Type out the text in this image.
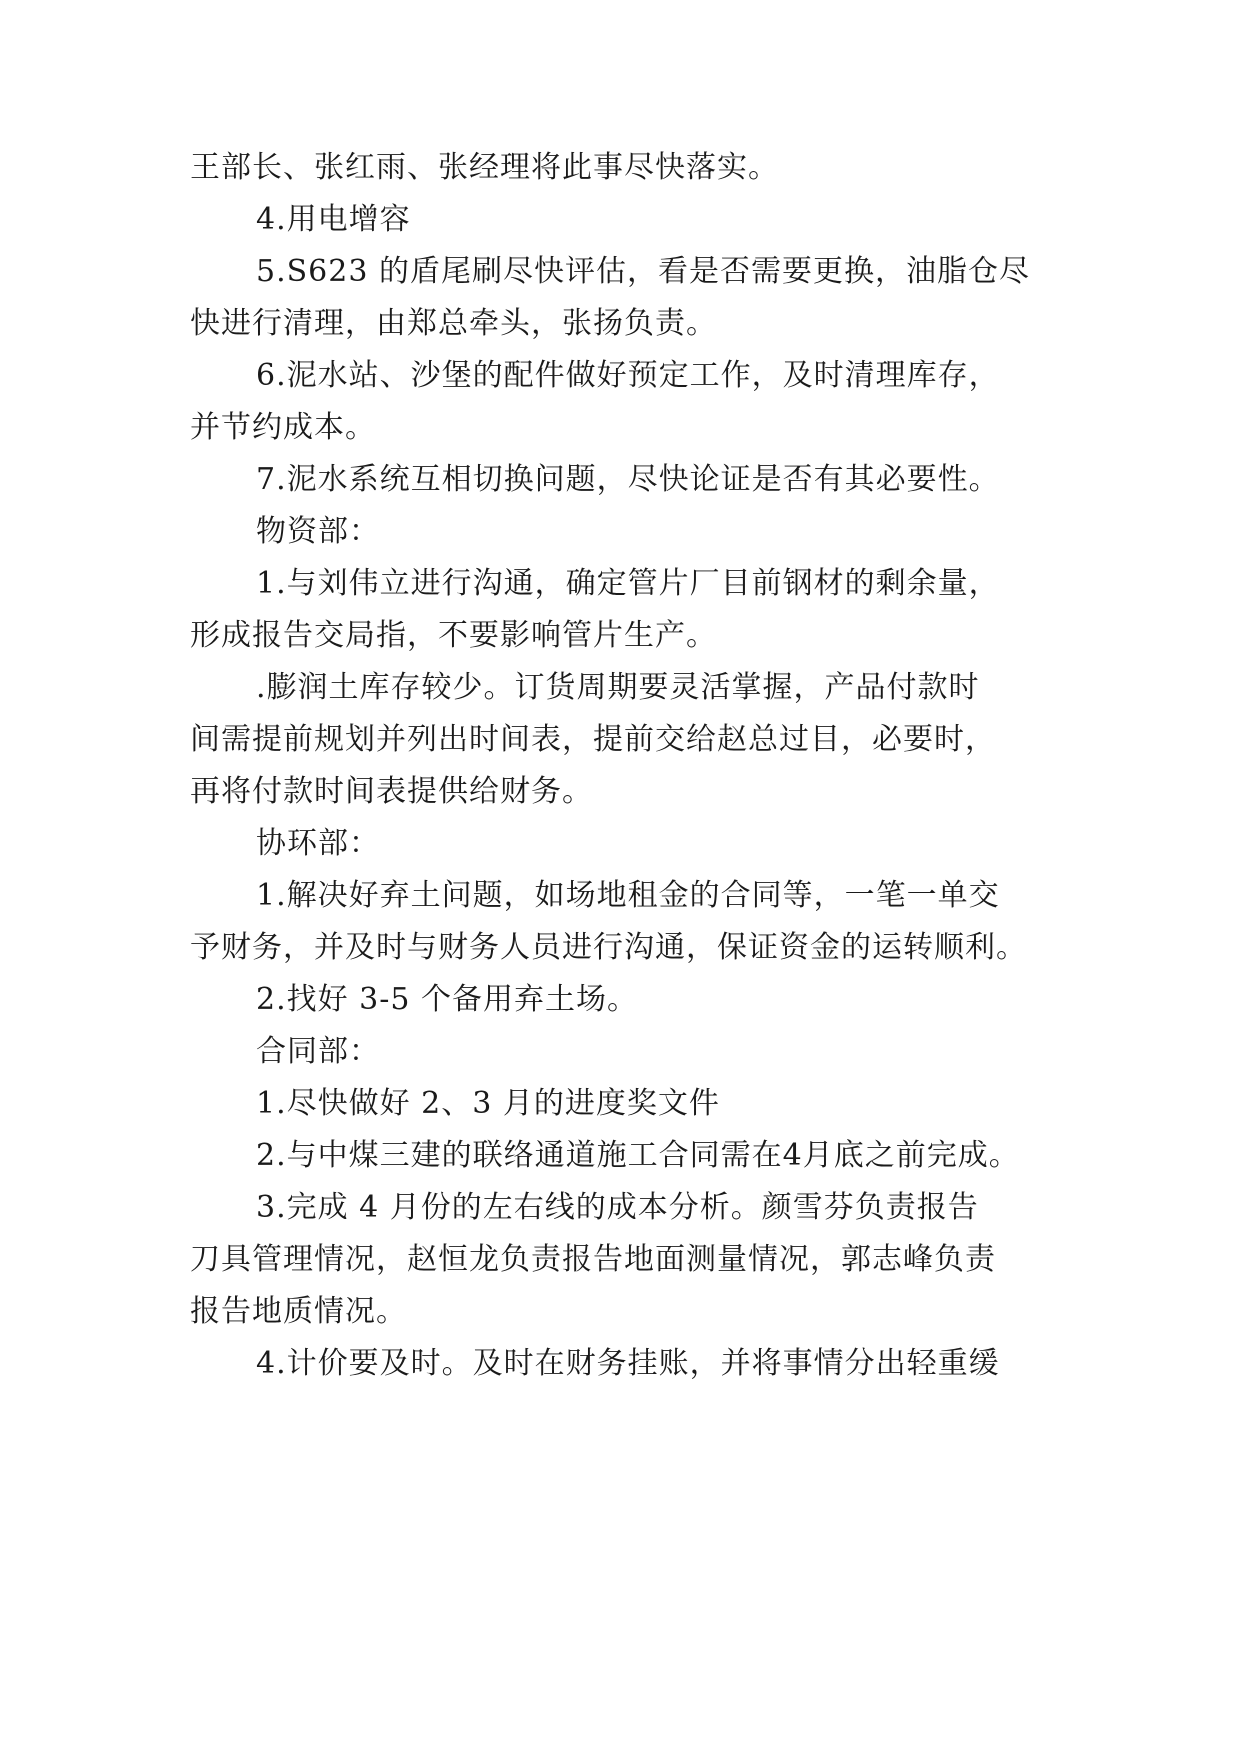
王部长、张红雨、张经理将此事尽快落实。
4.用电增容
5.S623 的盾尾刷尽快评估，看是否需要更换，油脂仓尽
快进行清理，由郑总牵头，张扬负责。
6.泥水站、沙堡的配件做好预定工作，及时清理库存，
并节约成本。
7.泥水系统互相切换问题，尽快论证是否有其必要性。
物资部：
1.与刘伟立进行沟通，确定管片厂目前钢材的剩余量，
形成报告交局指，不要影响管片生产。
.膨润土库存较少。订货周期要灵活掌握，产品付款时
间需提前规划并列出时间表，提前交给赵总过目，必要时，
再将付款时间表提供给财务。
协环部：
1.解决好弃土问题，如场地租金的合同等，一笔一单交
予财务，并及时与财务人员进行沟通，保证资金的运转顺利。
2.找好 3-5 个备用弃土场。
合同部：
1.尽快做好 2、3 月的进度奖文件
2.与中煤三建的联络通道施工合同需在4月底之前完成。
3.完成 4 月份的左右线的成本分析。颜雪芬负责报告
刀具管理情况，赵恒龙负责报告地面测量情况，郭志峰负责
报告地质情况。
4.计价要及时。及时在财务挂账，并将事情分出轻重缓
